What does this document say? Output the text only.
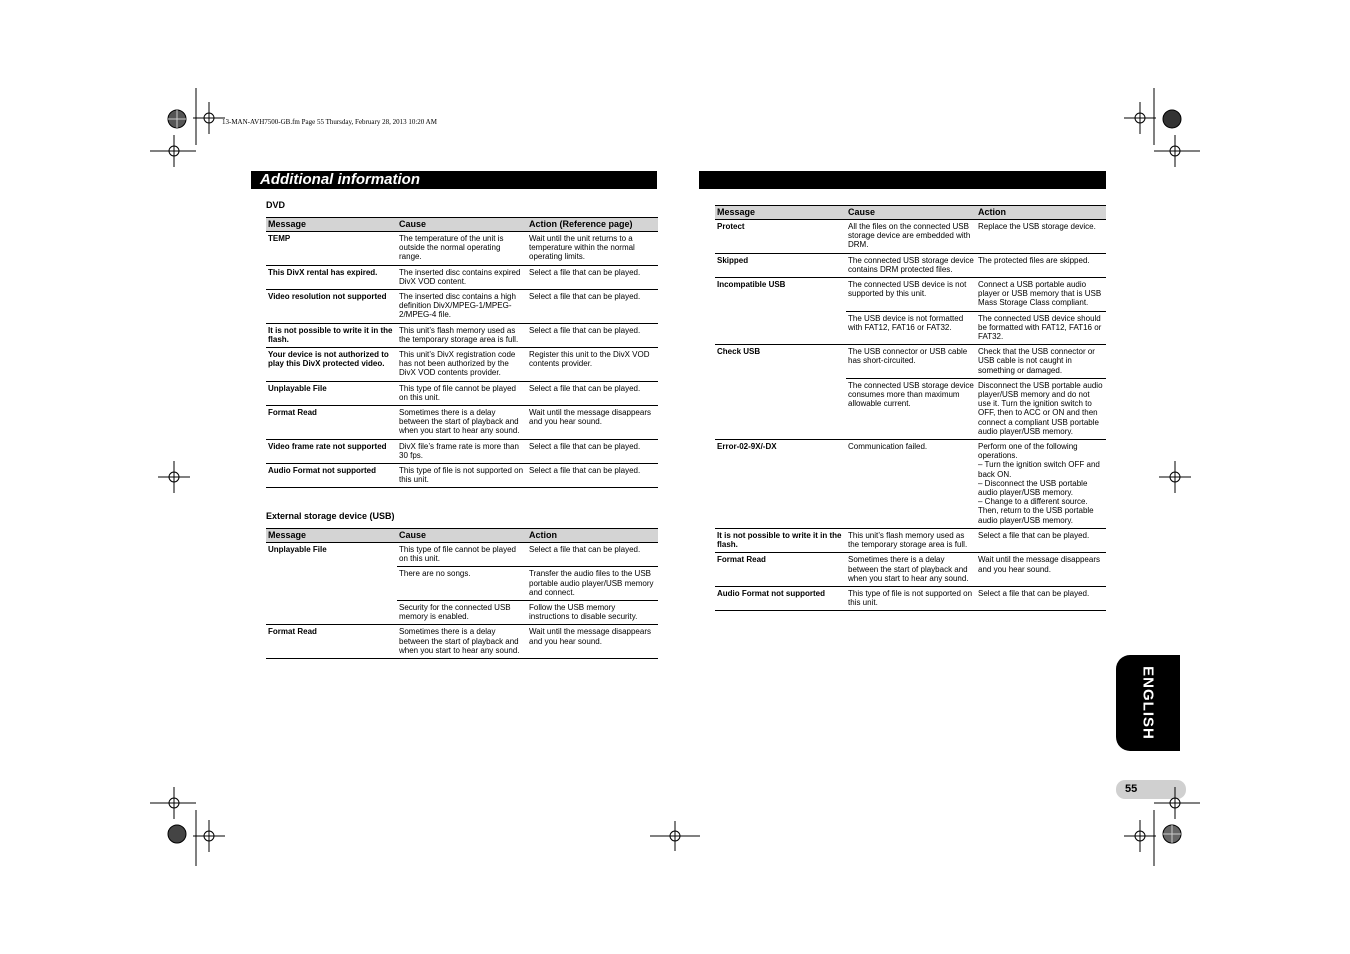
13-MAN-AVH7500-GB.fm Page 55 Thursday, February 28, 2013 10:20 AM
Additional information
DVD
Message	Cause	Action (Reference page)
TEMP	The temperature of the unit is outside the normal operating range.	Wait until the unit returns to a temperature within the normal operating limits.
This DivX rental has expired.	The inserted disc contains expired DivX VOD content.	Select a file that can be played.
Video resolution not supported	The inserted disc contains a high definition DivX/MPEG-1/MPEG-2/MPEG-4 file.	Select a file that can be played.
It is not possible to write it in the flash.	This unit’s flash memory used as the temporary storage area is full.	Select a file that can be played.
Your device is not authorized to play this DivX protected video.	This unit’s DivX registration code has not been authorized by the DivX VOD contents provider.	Register this unit to the DivX VOD contents provider.
Unplayable File	This type of file cannot be played on this unit.	Select a file that can be played.
Format Read	Sometimes there is a delay between the start of playback and when you start to hear any sound.	Wait until the message disappears and you hear sound.
Video frame rate not supported	DivX file’s frame rate is more than 30 fps.	Select a file that can be played.
Audio Format not supported	This type of file is not supported on this unit.	Select a file that can be played.
External storage device (USB)
Message	Cause	Action
Unplayable File	This type of file cannot be played on this unit.	Select a file that can be played.
	There are no songs.	Transfer the audio files to the USB portable audio player/USB memory and connect.
	Security for the connected USB memory is enabled.	Follow the USB memory instructions to disable security.
Format Read	Sometimes there is a delay between the start of playback and when you start to hear any sound.	Wait until the message disappears and you hear sound.
Message	Cause	Action
Protect	All the files on the connected USB storage device are embedded with DRM.	Replace the USB storage device.
Skipped	The connected USB storage device contains DRM protected files.	The protected files are skipped.
Incompatible USB	The connected USB device is not supported by this unit.	Connect a USB portable audio player or USB memory that is USB Mass Storage Class compliant.
	The USB device is not formatted with FAT12, FAT16 or FAT32.	The connected USB device should be formatted with FAT12, FAT16 or FAT32.
Check USB	The USB connector or USB cable has short-circuited.	Check that the USB connector or USB cable is not caught in something or damaged.
	The connected USB storage device consumes more than maximum allowable current.	Disconnect the USB portable audio player/USB memory and do not use it. Turn the ignition switch to OFF, then to ACC or ON and then connect a compliant USB portable audio player/USB memory.
Error-02-9X/-DX	Communication failed.	Perform one of the following operations.
– Turn the ignition switch OFF and back ON.
– Disconnect the USB portable audio player/USB memory.
– Change to a different source. Then, return to the USB portable audio player/USB memory.
It is not possible to write it in the flash.	This unit’s flash memory used as the temporary storage area is full.	Select a file that can be played.
Format Read	Sometimes there is a delay between the start of playback and when you start to hear any sound.	Wait until the message disappears and you hear sound.
Audio Format not supported	This type of file is not supported on this unit.	Select a file that can be played.
ENGLISH
55
